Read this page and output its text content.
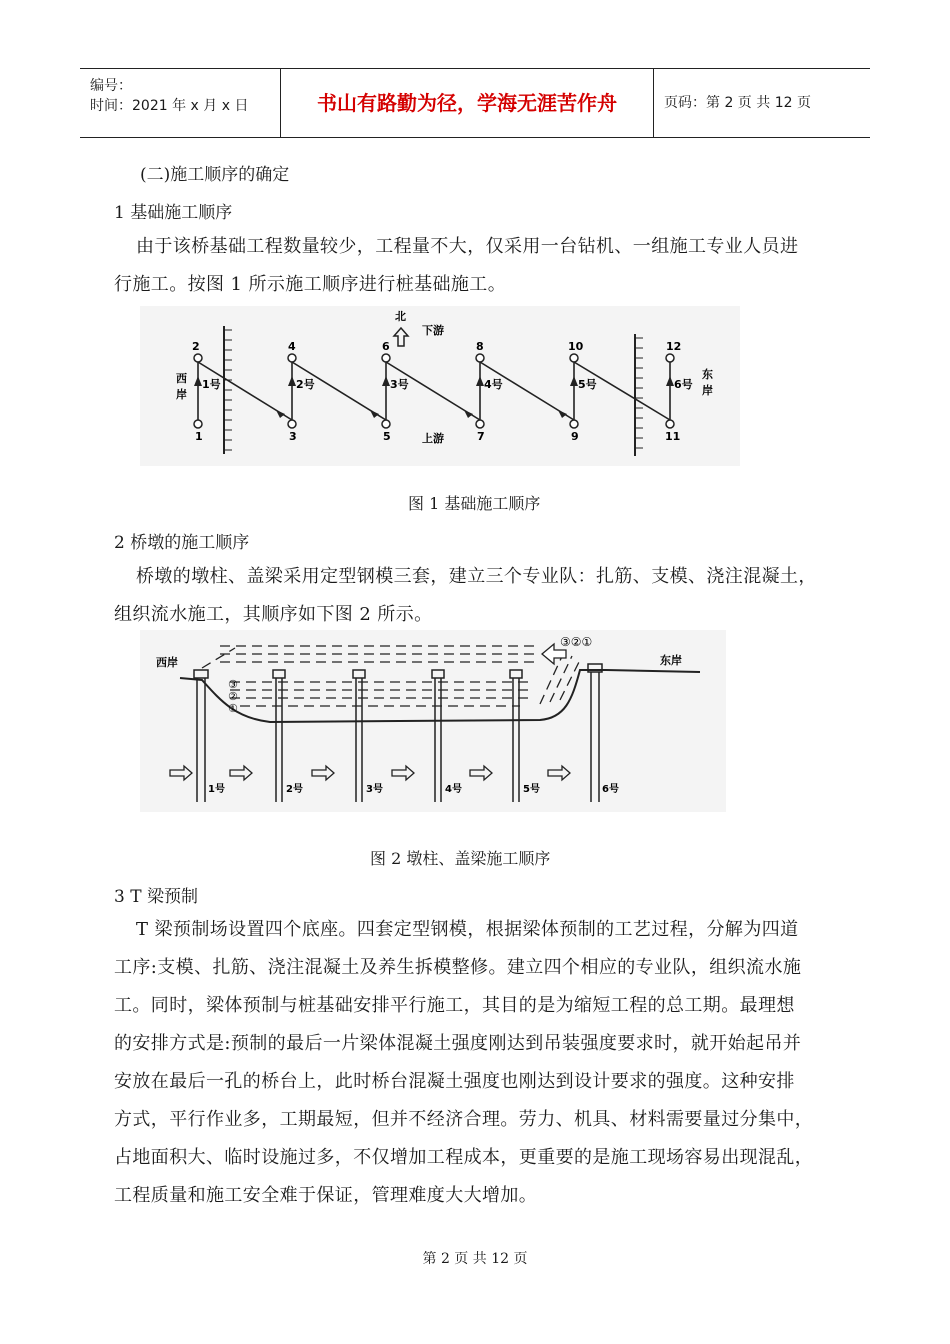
编号：
时间：2021 年 x 月 x 日	书山有路勤为径，学海无涯苦作舟	页码：第 2 页 共 12 页
(二)施工顺序的确定
1 基础施工顺序
由于该桥基础工程数量较少，工程量不大，仅采用一台钻机、一组施工专业人员进
行施工。按图 1 所示施工顺序进行桩基础施工。
北
下游
上游
西
岸
东
岸
2	4	6	8	10	12
1	3	5	7	9	11
1号	2号	3号	4号	5号	6号
图 1 基础施工顺序
2 桥墩的施工顺序
桥墩的墩柱、盖梁采用定型钢模三套，建立三个专业队：扎筋、支模、浇注混凝土，
组织流水施工，其顺序如下图 2 所示。
西岸	东岸
③②①
③
②
①
1号	2号	3号	4号	5号	6号
图 2 墩柱、盖梁施工顺序
3 T 梁预制
T 梁预制场设置四个底座。四套定型钢模，根据梁体预制的工艺过程，分解为四道
工序:支模、扎筋、浇注混凝土及养生拆模整修。建立四个相应的专业队，组织流水施
工。同时，梁体预制与桩基础安排平行施工，其目的是为缩短工程的总工期。最理想
的安排方式是:预制的最后一片梁体混凝土强度刚达到吊装强度要求时，就开始起吊并
安放在最后一孔的桥台上，此时桥台混凝土强度也刚达到设计要求的强度。这种安排
方式，平行作业多，工期最短，但并不经济合理。劳力、机具、材料需要量过分集中，
占地面积大、临时设施过多，不仅增加工程成本，更重要的是施工现场容易出现混乱，
工程质量和施工安全难于保证，管理难度大大增加。
第 2 页 共 12 页
